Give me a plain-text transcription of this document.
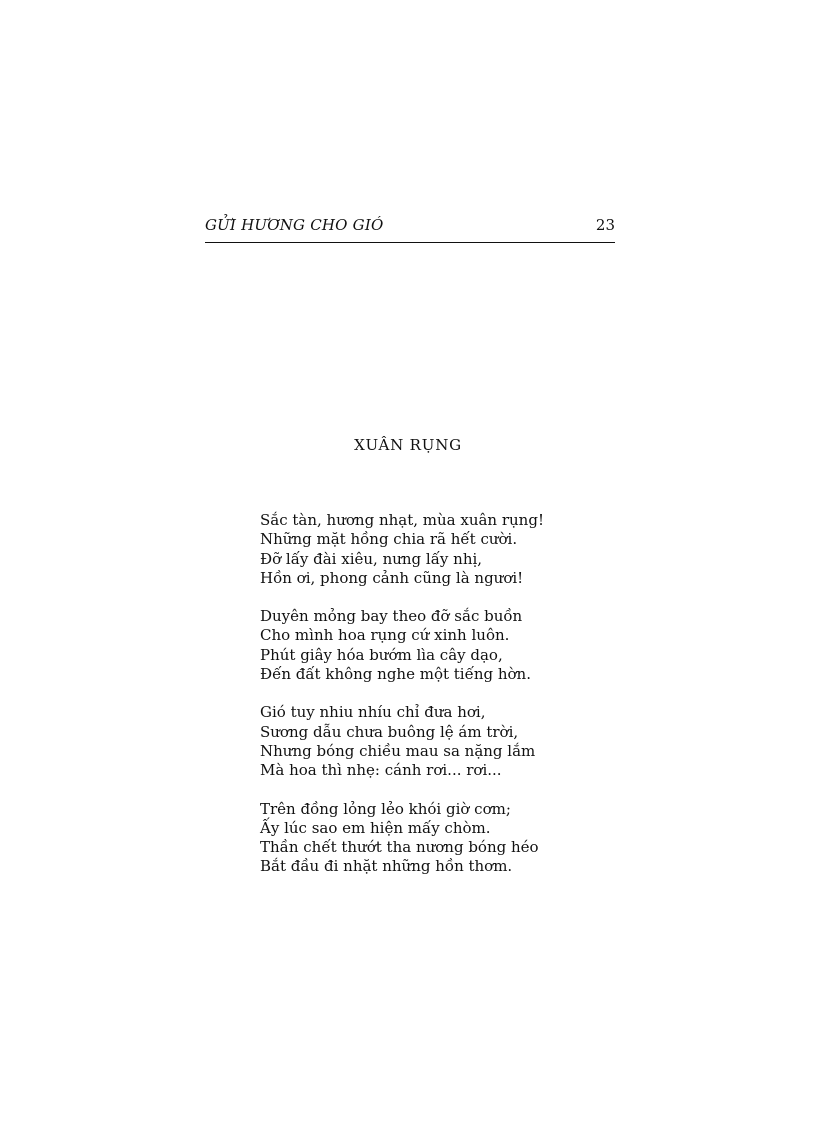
GỬI HƯƠNG CHO GIÓ	23
XUÂN RỤNG
Sắc tàn, hương nhạt, mùa xuân rụng!
Những mặt hồng chia rã hết cười.
Đỡ lấy đài xiêu, nưng lấy nhị,
Hồn ơi, phong cảnh cũng là ngươi!
Duyên mỏng bay theo đỡ sắc buồn
Cho mình hoa rụng cứ xinh luôn.
Phút giây hóa bướm lìa cây dạo,
Đến đất không nghe một tiếng hờn.
Gió tuy nhiu nhíu chỉ đưa hơi,
Sương dẫu chưa buông lệ ám trời,
Nhưng bóng chiều mau sa nặng lắm
Mà hoa thì nhẹ: cánh rơi... rơi...
Trên đồng lỏng lẻo khói giờ cơm;
Ấy lúc sao em hiện mấy chòm.
Thần chết thướt tha nương bóng héo
Bắt đầu đi nhặt những hồn thơm.
